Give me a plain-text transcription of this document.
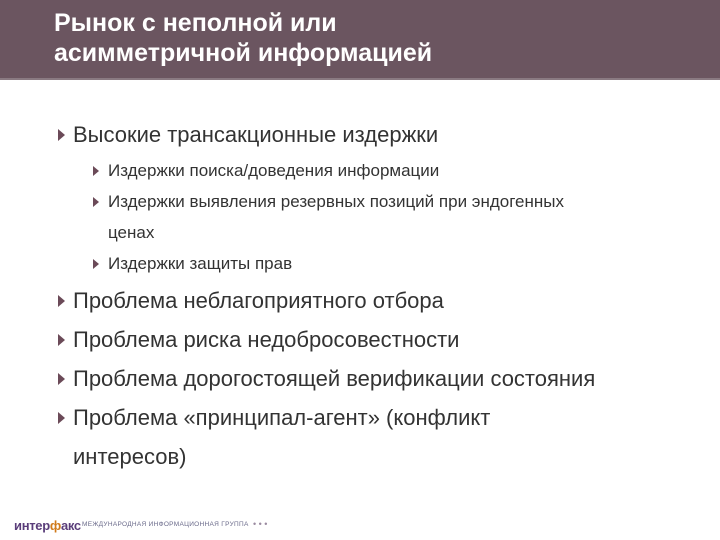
Рынок с неполной или
асимметричной информацией
Высокие трансакционные издержки
Издержки поиска/доведения информации
Издержки выявления резервных позиций при эндогенных
ценах
Издержки защиты прав
Проблема неблагоприятного отбора
Проблема риска недобросовестности
Проблема дорогостоящей верификации состояния
Проблема «принципал-агент» (конфликт
интересов)
интерфакс МЕЖДУНАРОДНАЯ ИНФОРМАЦИОННАЯ ГРУППА • • •
